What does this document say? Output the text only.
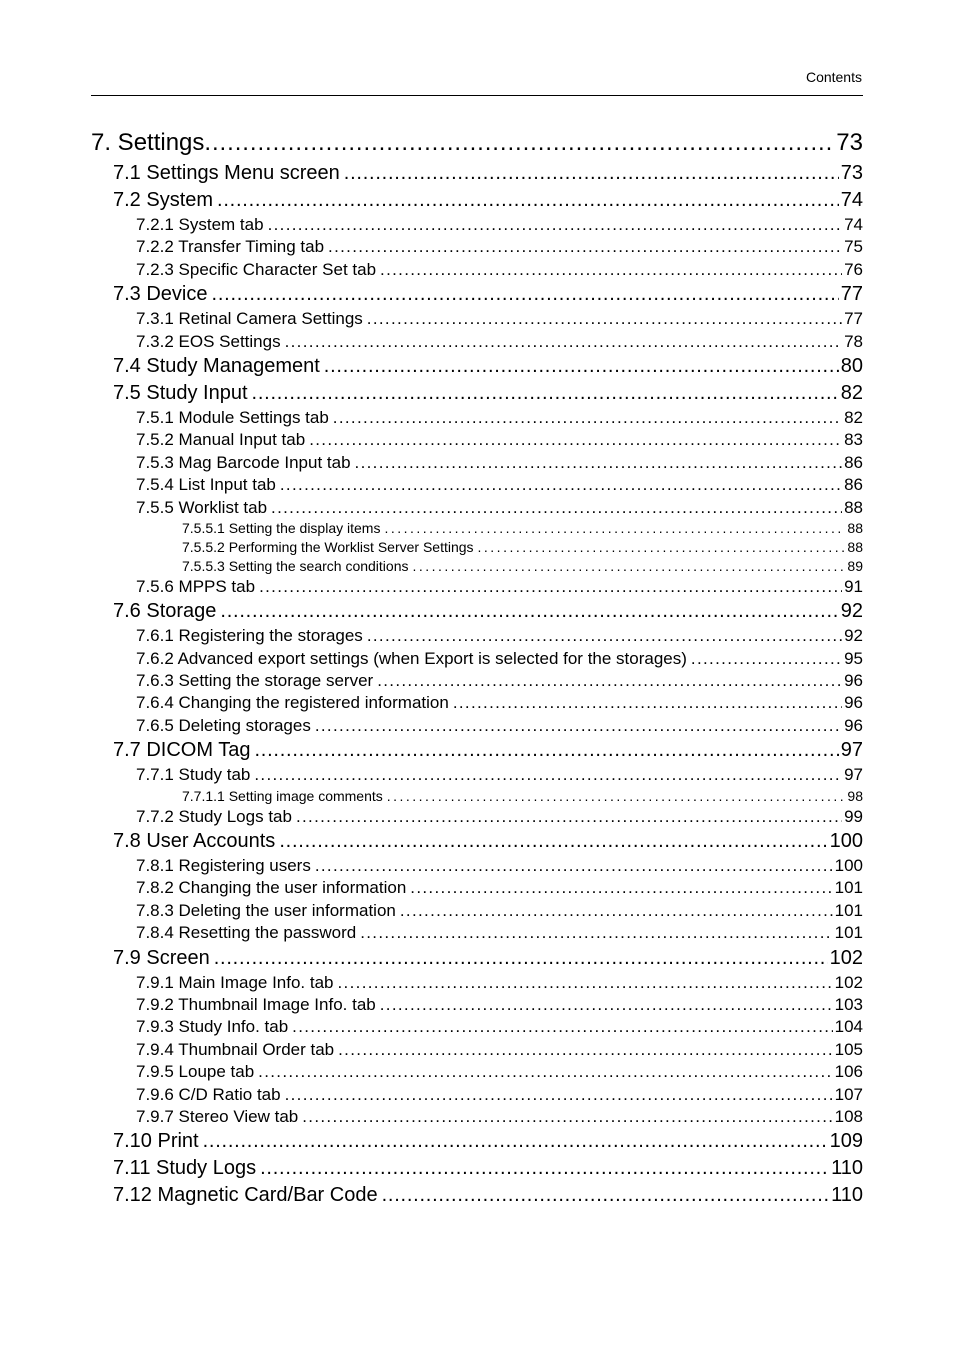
Contents
7. Settings . . .	73
7.1 Settings Menu screen . . .	73
7.2 System . . .	74
7.2.1 System tab . . .	74
7.2.2 Transfer Timing tab . . .	75
7.2.3 Specific Character Set tab . . .	76
7.3 Device . . .	77
7.3.1 Retinal Camera Settings . . .	77
7.3.2 EOS Settings . . .	78
7.4 Study Management . . .	80
7.5 Study Input . . .	82
7.5.1 Module Settings tab . . .	82
7.5.2 Manual Input tab . . .	83
7.5.3 Mag Barcode Input tab . . .	86
7.5.4 List Input tab . . .	86
7.5.5 Worklist tab . . .	88
7.5.5.1 Setting the display items . . .	88
7.5.5.2 Performing the Worklist Server Settings . . .	88
7.5.5.3 Setting the search conditions . . .	89
7.5.6 MPPS tab . . .	91
7.6 Storage . . .	92
7.6.1 Registering the storages . . .	92
7.6.2 Advanced export settings (when Export is selected for the storages) . . .	95
7.6.3 Setting the storage server . . .	96
7.6.4 Changing the registered information . . .	96
7.6.5 Deleting storages . . .	96
7.7 DICOM Tag . . .	97
7.7.1 Study tab . . .	97
7.7.1.1 Setting image comments . . .	98
7.7.2 Study Logs tab . . .	99
7.8 User Accounts . . .	100
7.8.1 Registering users . . .	100
7.8.2 Changing the user information . . .	101
7.8.3 Deleting the user information . . .	101
7.8.4 Resetting the password . . .	101
7.9 Screen . . .	102
7.9.1 Main Image Info. tab . . .	102
7.9.2 Thumbnail Image Info. tab . . .	103
7.9.3 Study Info. tab . . .	104
7.9.4 Thumbnail Order tab . . .	105
7.9.5 Loupe tab . . .	106
7.9.6 C/D Ratio tab . . .	107
7.9.7 Stereo View tab . . .	108
7.10 Print . . .	109
7.11 Study Logs . . .	110
7.12 Magnetic Card/Bar Code . . .	110
